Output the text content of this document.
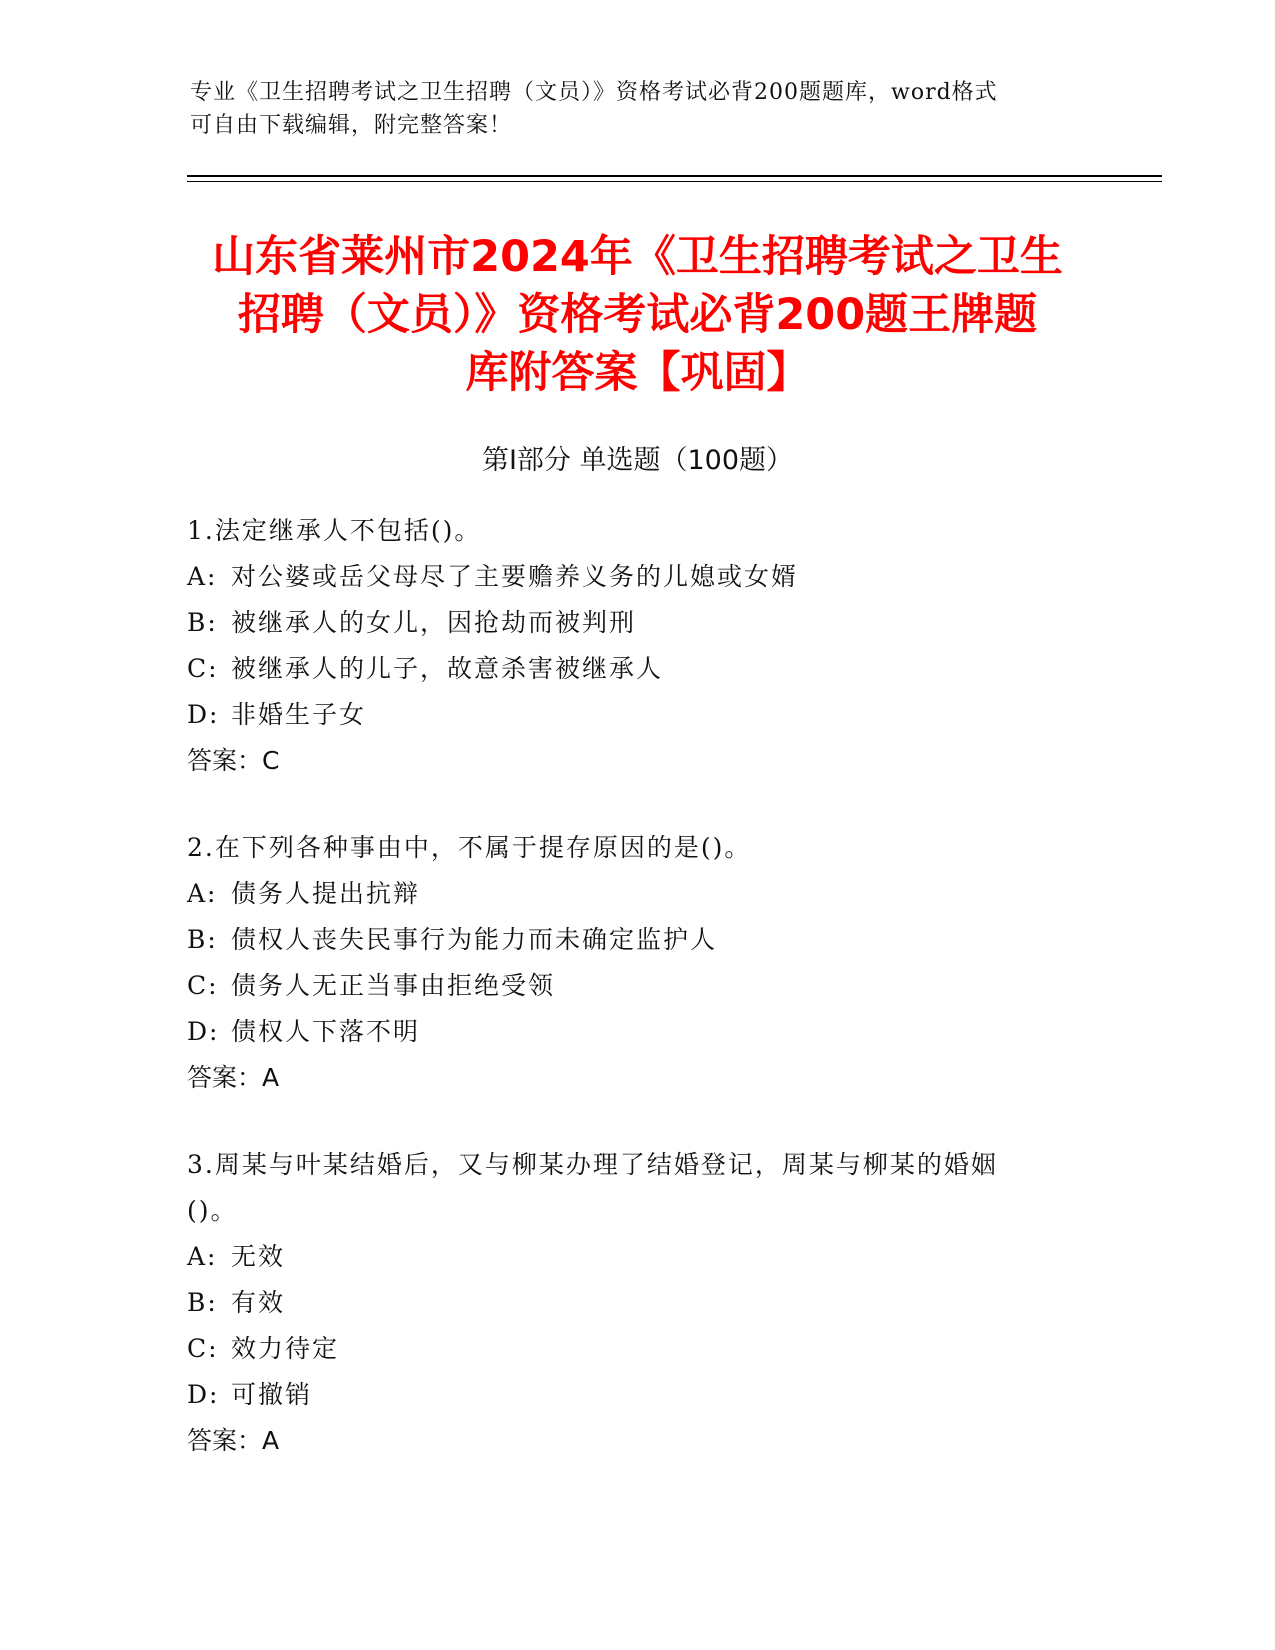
专业《卫生招聘考试之卫生招聘（文员）》资格考试必背200题题库，word格式
可自由下载编辑，附完整答案！
山东省莱州市2024年《卫生招聘考试之卫生
招聘（文员）》资格考试必背200题王牌题
库附答案【巩固】
第Ⅰ部分 单选题（100题）
1.法定继承人不包括()。
A: 对公婆或岳父母尽了主要赡养义务的儿媳或女婿
B: 被继承人的女儿，因抢劫而被判刑
C: 被继承人的儿子，故意杀害被继承人
D: 非婚生子女
答案：C
2.在下列各种事由中，不属于提存原因的是()。
A: 债务人提出抗辩
B: 债权人丧失民事行为能力而未确定监护人
C: 债务人无正当事由拒绝受领
D: 债权人下落不明
答案：A
3.周某与叶某结婚后，又与柳某办理了结婚登记，周某与柳某的婚姻
()。
A: 无效
B: 有效
C: 效力待定
D: 可撤销
答案：A
